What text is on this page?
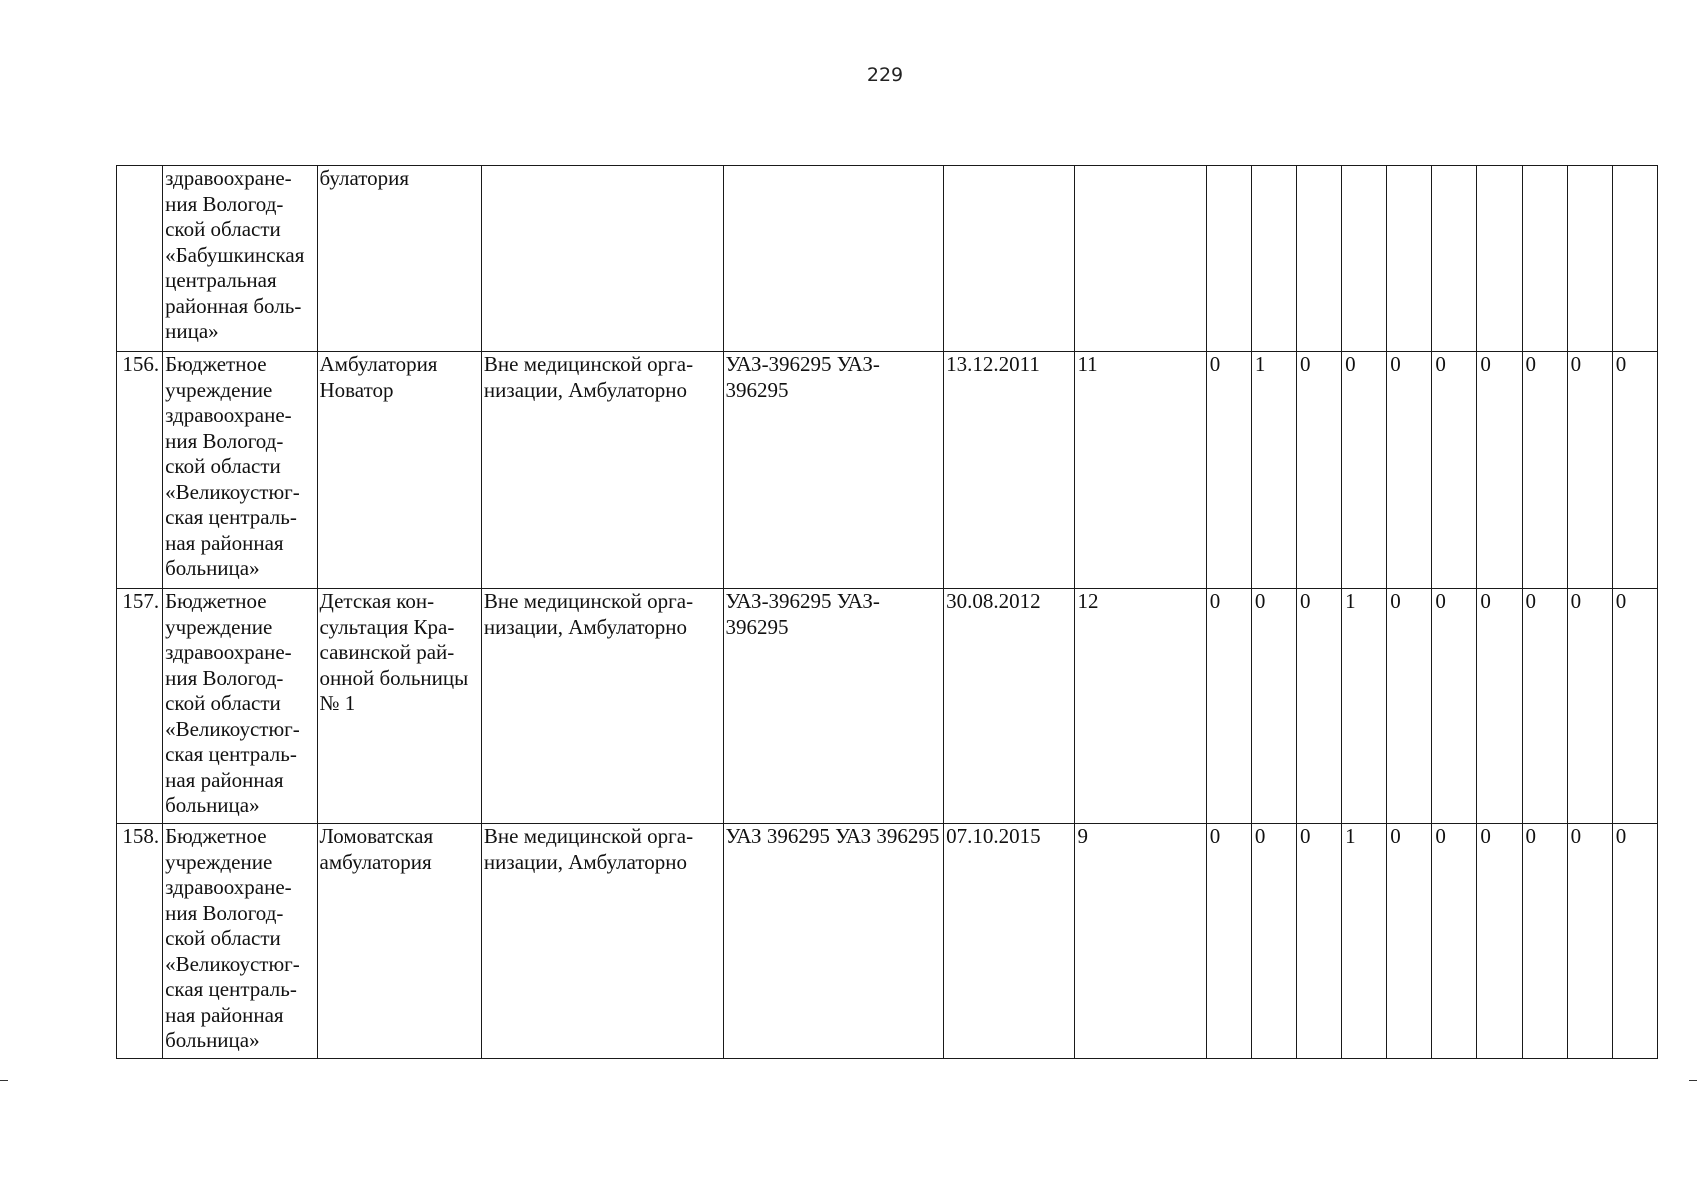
229
	здравоохране- ния Вологод- ской области «Бабушкинская центральная районная боль- ница»	булатория														
156.	Бюджетное учреждение здравоохране- ния Вологод- ской области «Великоустюг- ская централь- ная районная больница»	Амбулатория Новатор	Вне медицинской орга- низации, Амбулаторно	УАЗ-396295 УАЗ- 396295	13.12.2011	11	0	1	0	0	0	0	0	0	0	0
157.	Бюджетное учреждение здравоохране- ния Вологод- ской области «Великоустюг- ская централь- ная районная больница»	Детская кон- сультация Кра- савинской рай- онной больницы № 1	Вне медицинской орга- низации, Амбулаторно	УАЗ-396295 УАЗ- 396295	30.08.2012	12	0	0	0	1	0	0	0	0	0	0
158.	Бюджетное учреждение здравоохране- ния Вологод- ской области «Великоустюг- ская централь- ная районная больница»	Ломоватская амбулатория	Вне медицинской орга- низации, Амбулаторно	УАЗ 396295 УАЗ 396295	07.10.2015	9	0	0	0	1	0	0	0	0	0	0
